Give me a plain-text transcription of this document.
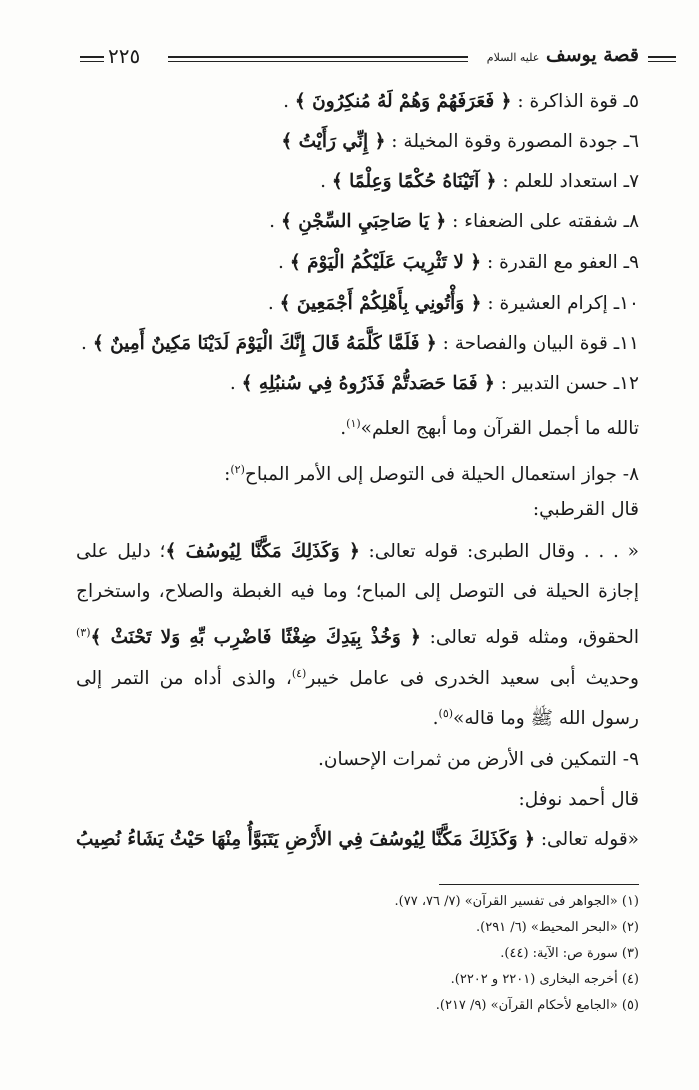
قصة يوسف عليه السلام
٢٢٥
٥ـ قوة الذاكرة : ﴿ فَعَرَفَهُمْ وَهُمْ لَهُ مُنكِرُونَ ﴾ .
٦ـ جودة المصورة وقوة المخيلة : ﴿ إِنِّي رَأَيْتُ ﴾
٧ـ استعداد للعلم : ﴿ آتَيْنَاهُ حُكْمًا وَعِلْمًا ﴾ .
٨ـ شفقته على الضعفاء : ﴿ يَا صَاحِبَيِ السِّجْنِ ﴾ .
٩ـ العفو مع القدرة : ﴿ لا تَثْرِيبَ عَلَيْكُمُ الْيَوْمَ ﴾ .
١٠ـ إكرام العشيرة : ﴿ وَأْتُونِي بِأَهْلِكُمْ أَجْمَعِينَ ﴾ .
١١ـ قوة البيان والفصاحة : ﴿ فَلَمَّا كَلَّمَهُ قَالَ إِنَّكَ الْيَوْمَ لَدَيْنَا مَكِينٌ أَمِينٌ ﴾ .
١٢ـ حسن التدبير : ﴿ فَمَا حَصَدتُّمْ فَذَرُوهُ فِي سُنبُلِهِ ﴾ .
تالله ما أجمل القرآن وما أبهج العلم»$^{(١)}$.
٨- جواز استعمال الحيلة فى التوصل إلى الأمر المباح$^{(٢)}$:
قال القرطبي:
« . . . وقال الطبرى: قوله تعالى: ﴿ وَكَذَلِكَ مَكَّنَّا لِيُوسُفَ ﴾؛ دليل على
إجازة الحيلة فى التوصل إلى المباح؛ وما فيه الغبطة والصلاح، واستخراج
الحقوق، ومثله قوله تعالى: ﴿ وَخُذْ بِيَدِكَ ضِغْثًا فَاضْرِب بِّهِ وَلا تَحْنَثْ ﴾$^{(٣)}$
وحديث أبى سعيد الخدرى فى عامل خيبر$^{(٤)}$، والذى أداه من التمر إلى
رسول الله ﷺ وما قاله»$^{(٥)}$.
٩- التمكين فى الأرض من ثمرات الإحسان.
قال أحمد نوفل:
«قوله تعالى: ﴿ وَكَذَلِكَ مَكَّنَّا لِيُوسُفَ فِي الأَرْضِ يَتَبَوَّأُ مِنْهَا حَيْثُ يَشَاءُ نُصِيبُ
(١) «الجواهر فى تفسير القرآن» (٧/ ٧٦، ٧٧).
(٢) «البحر المحيط» (٦/ ٢٩١).
(٣) سورة ص: الآية: (٤٤).
(٤) أخرجه البخارى (٢٢٠١ و ٢٢٠٢).
(٥) «الجامع لأحكام القرآن» (٩/ ٢١٧).
